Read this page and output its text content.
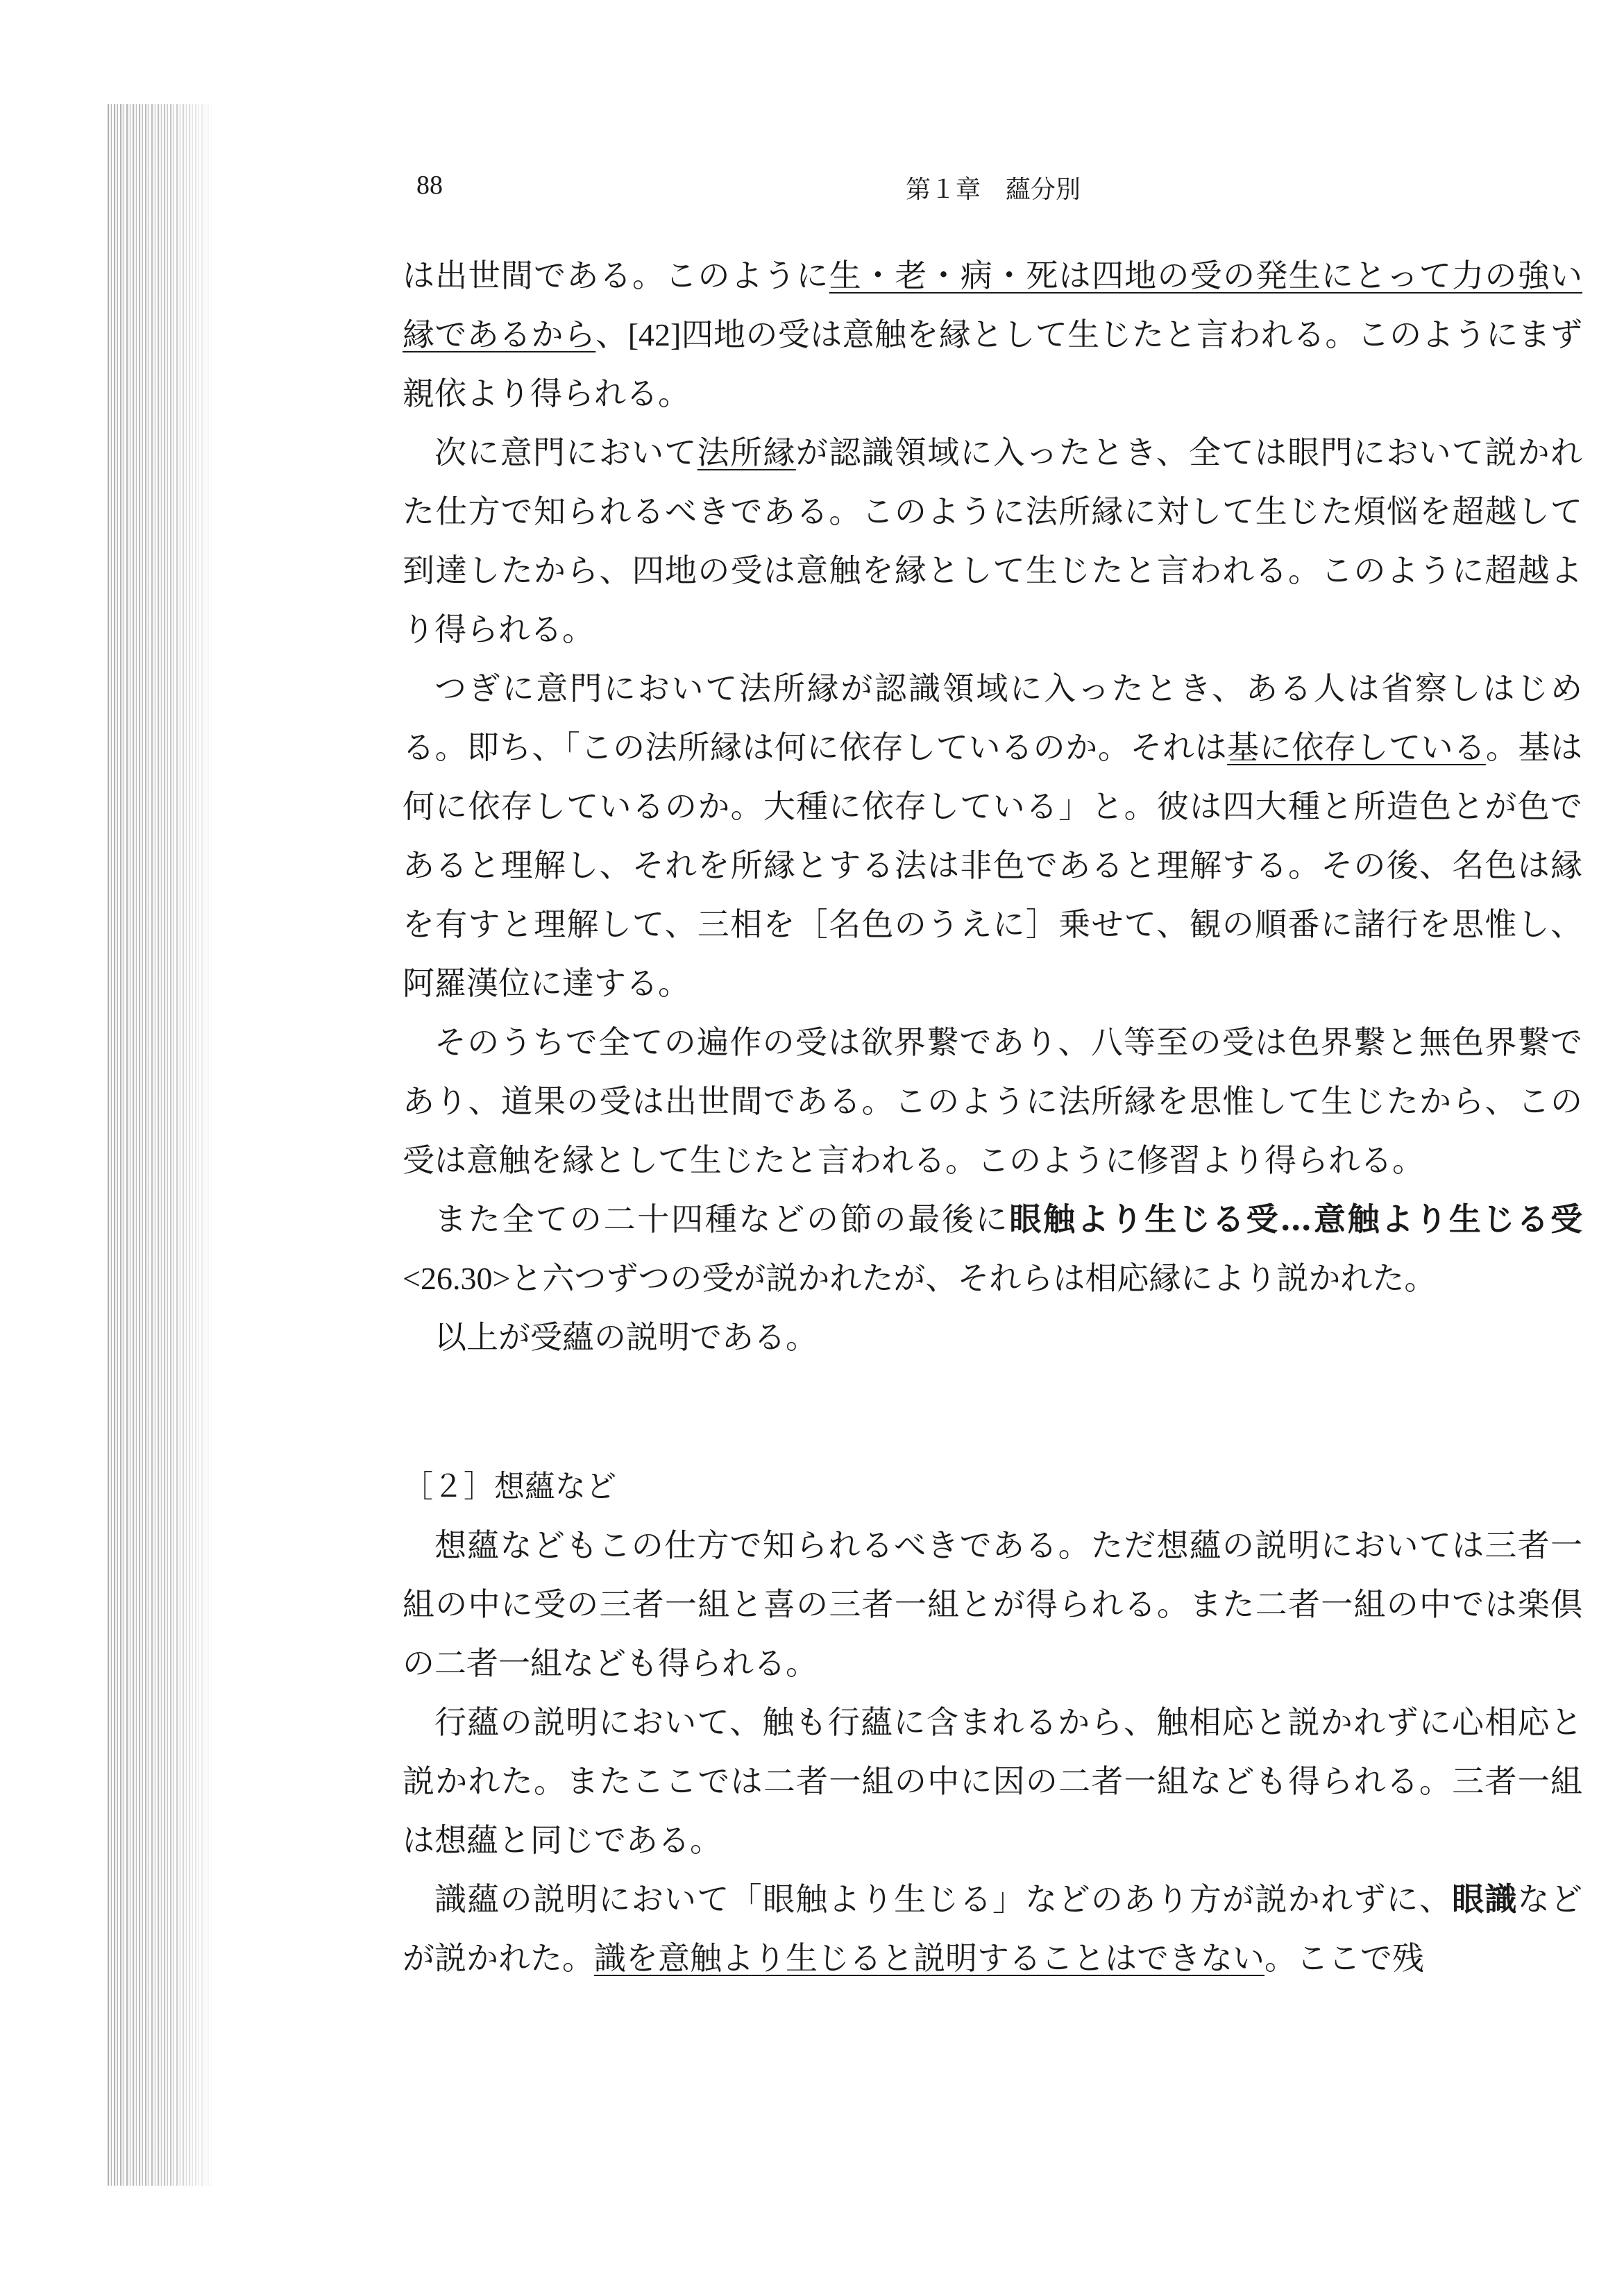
88	第１章　蘊分別

は出世間である。このように生・老・病・死は四地の受の発生にとって力の強い縁であるから、[42]四地の受は意触を縁として生じたと言われる。このようにまず親依より得られる。

次に意門において法所縁が認識領域に入ったとき、全ては眼門において説かれた仕方で知られるべきである。このように法所縁に対して生じた煩悩を超越して到達したから、四地の受は意触を縁として生じたと言われる。このように超越より得られる。

つぎに意門において法所縁が認識領域に入ったとき、ある人は省察しはじめる。即ち、「この法所縁は何に依存しているのか。それは基に依存している。基は何に依存しているのか。大種に依存している」と。彼は四大種と所造色とが色であると理解し、それを所縁とする法は非色であると理解する。その後、名色は縁を有すと理解して、三相を［名色のうえに］乗せて、観の順番に諸行を思惟し、阿羅漢位に達する。

そのうちで全ての遍作の受は欲界繋であり、八等至の受は色界繋と無色界繋であり、道果の受は出世間である。このように法所縁を思惟して生じたから、この受は意触を縁として生じたと言われる。このように修習より得られる。

また全ての二十四種などの節の最後に眼触より生じる受…意触より生じる受<26.30>と六つずつの受が説かれたが、それらは相応縁により説かれた。

以上が受蘊の説明である。

［２］想蘊など

想蘊などもこの仕方で知られるべきである。ただ想蘊の説明においては三者一組の中に受の三者一組と喜の三者一組とが得られる。また二者一組の中では楽倶の二者一組なども得られる。

行蘊の説明において、触も行蘊に含まれるから、触相応と説かれずに心相応と説かれた。またここでは二者一組の中に因の二者一組なども得られる。三者一組は想蘊と同じである。

識蘊の説明において「眼触より生じる」などのあり方が説かれずに、眼識などが説かれた。識を意触より生じると説明することはできない。ここで残
